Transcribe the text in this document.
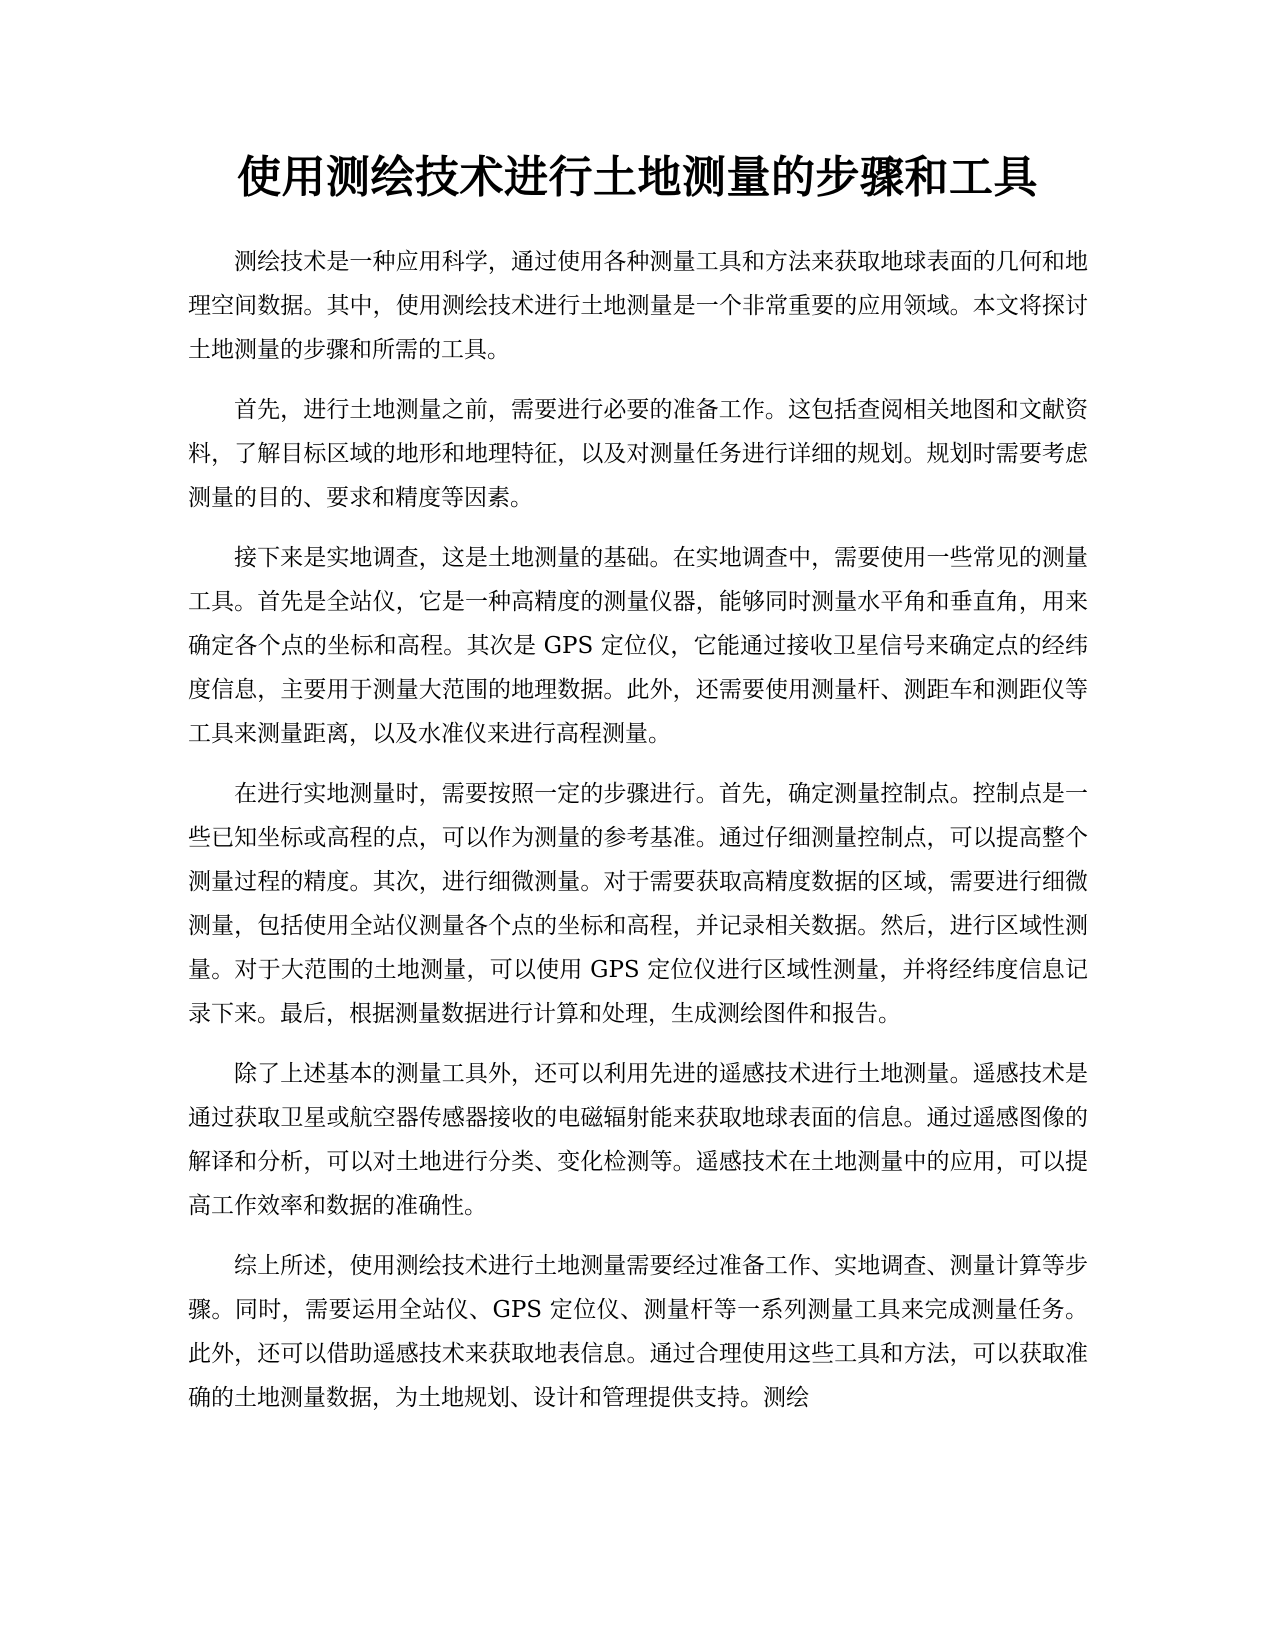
使用测绘技术进行土地测量的步骤和工具

测绘技术是一种应用科学，通过使用各种测量工具和方法来获取地球表面的几何和地理空间数据。其中，使用测绘技术进行土地测量是一个非常重要的应用领域。本文将探讨土地测量的步骤和所需的工具。

首先，进行土地测量之前，需要进行必要的准备工作。这包括查阅相关地图和文献资料，了解目标区域的地形和地理特征，以及对测量任务进行详细的规划。规划时需要考虑测量的目的、要求和精度等因素。

接下来是实地调查，这是土地测量的基础。在实地调查中，需要使用一些常见的测量工具。首先是全站仪，它是一种高精度的测量仪器，能够同时测量水平角和垂直角，用来确定各个点的坐标和高程。其次是 GPS 定位仪，它能通过接收卫星信号来确定点的经纬度信息，主要用于测量大范围的地理数据。此外，还需要使用测量杆、测距车和测距仪等工具来测量距离，以及水准仪来进行高程测量。

在进行实地测量时，需要按照一定的步骤进行。首先，确定测量控制点。控制点是一些已知坐标或高程的点，可以作为测量的参考基准。通过仔细测量控制点，可以提高整个测量过程的精度。其次，进行细微测量。对于需要获取高精度数据的区域，需要进行细微测量，包括使用全站仪测量各个点的坐标和高程，并记录相关数据。然后，进行区域性测量。对于大范围的土地测量，可以使用 GPS 定位仪进行区域性测量，并将经纬度信息记录下来。最后，根据测量数据进行计算和处理，生成测绘图件和报告。

除了上述基本的测量工具外，还可以利用先进的遥感技术进行土地测量。遥感技术是通过获取卫星或航空器传感器接收的电磁辐射能来获取地球表面的信息。通过遥感图像的解译和分析，可以对土地进行分类、变化检测等。遥感技术在土地测量中的应用，可以提高工作效率和数据的准确性。

综上所述，使用测绘技术进行土地测量需要经过准备工作、实地调查、测量计算等步骤。同时，需要运用全站仪、GPS 定位仪、测量杆等一系列测量工具来完成测量任务。此外，还可以借助遥感技术来获取地表信息。通过合理使用这些工具和方法，可以获取准确的土地测量数据，为土地规划、设计和管理提供支持。测绘
